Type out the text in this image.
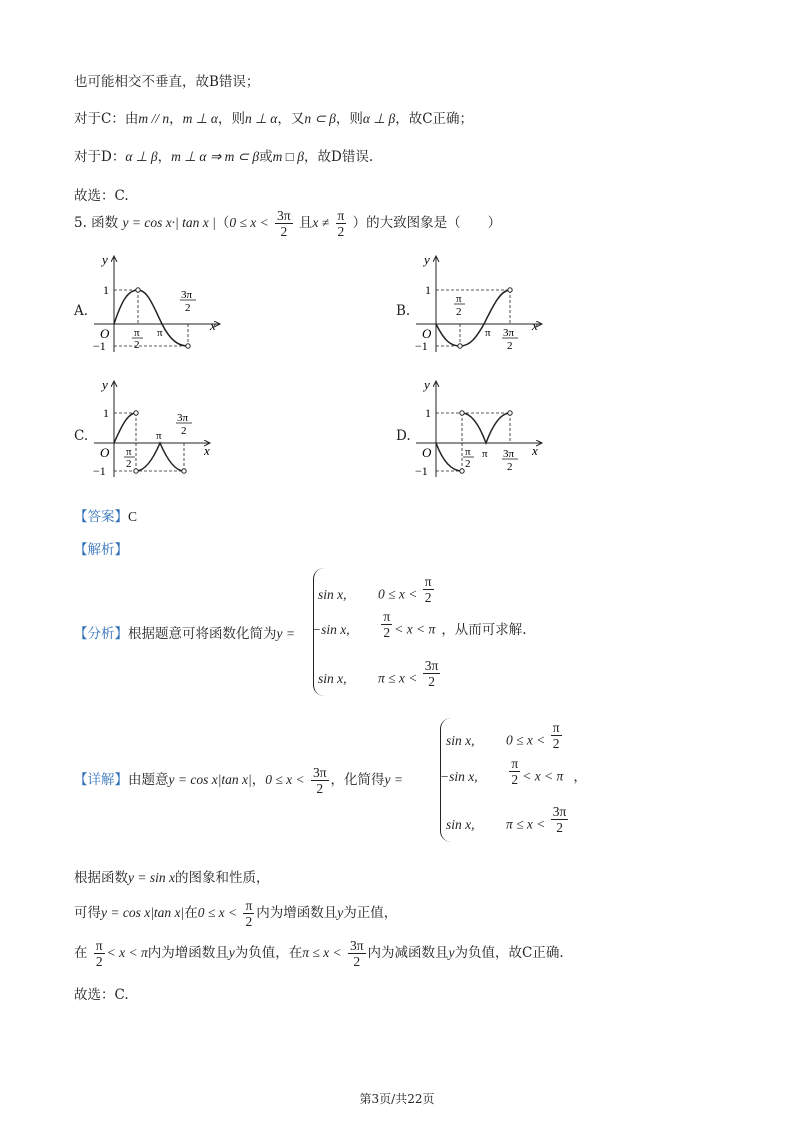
也可能相交不垂直，故B错误；
对于C：由m // n，m ⊥ α，则n ⊥ α，又n ⊂ β，则α ⊥ β，故C正确；
对于D：α ⊥ β，m ⊥ α ⇒ m ⊂ β或m □ β，故D错误.
故选：C.
5. 函数 y = cos x·| tan x $|(0 \le x < \frac{3\pi}{2}$ 且$x \ne \frac{\pi}{2}$ ）的大致图象是（　　）
A.	B.
C.	D.
y
x
O
1
−1
π
2
π
3π
2
y
x
O
1
−1
π
2
π 3π
2
y
x
O
1
−1
π
2
π
3π
2
y
x
O
1
−1
π
2
π 3π
2
【答案】C
【解析】
【分析】根据题意可将函数化简为y =
sin x, $0 \le x < \frac{\pi}{2}$
−sin x, $\frac{\pi}{2} < x < \pi$ ，从而可求解.
sin x, $\pi \le x < \frac{3\pi}{2}$
【详解】由题意y = cos x|tan x|，$0 \le x < \frac{3\pi}{2}$ ，化简得y =
sin x, $0 \le x < \frac{\pi}{2}$
−sin x, $\frac{\pi}{2} < x < \pi$ ，
sin x, $\pi \le x < \frac{3\pi}{2}$
根据函数y = sin x的图象和性质，
可得y = cos x|tan x|在$0 \le x < \frac{\pi}{2}$ 内为增函数且y为正值，
在 $\frac{\pi}{2} < x < \pi$内为增函数且y为负值，在$\pi \le x < \frac{3\pi}{2}$ 内为减函数且y为负值，故C正确.
故选：C.
第3页/共22页
